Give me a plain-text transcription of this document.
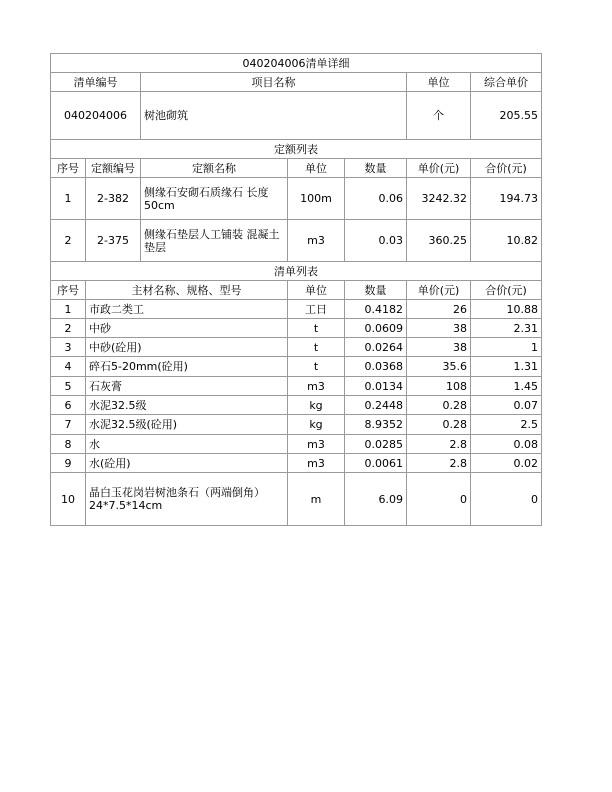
040204006清单详细						
清单编号		项目名称			单位	综合单价
040204006		树池砌筑			个	205.55
定额列表						
序号	定额编号	定额名称	单位	数量	单价(元)	合价(元)
1	2-382	侧缘石安砌石质缘石 长度50cm	100m	0.06	3242.32	194.73
2	2-375	侧缘石垫层人工铺装 混凝土垫层	m3	0.03	360.25	10.82
清单列表						
序号	主材名称、规格、型号		单位	数量	单价(元)	合价(元)
1	市政二类工		工日	0.4182	26	10.88
2	中砂		t	0.0609	38	2.31
3	中砂(砼用)		t	0.0264	38	1
4	碎石5-20mm(砼用)		t	0.0368	35.6	1.31
5	石灰膏		m3	0.0134	108	1.45
6	水泥32.5级		kg	0.2448	0.28	0.07
7	水泥32.5级(砼用)		kg	8.9352	0.28	2.5
8	水		m3	0.0285	2.8	0.08
9	水(砼用)		m3	0.0061	2.8	0.02
10	晶白玉花岗岩树池条石（两端倒角）24*7.5*14cm		m	6.09	0	0
